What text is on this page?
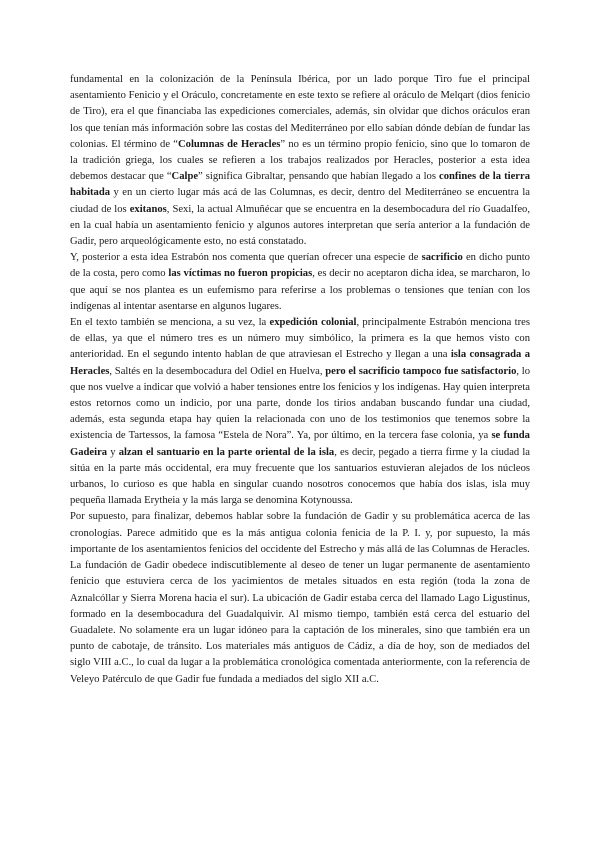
fundamental en la colonización de la Península Ibérica, por un lado porque Tiro fue el principal asentamiento Fenicio y el Oráculo, concretamente en este texto se refiere al oráculo de Melqart (dios fenicio de Tiro), era el que financiaba las expediciones comerciales, además, sin olvidar que dichos oráculos eran los que tenían más información sobre las costas del Mediterráneo por ello sabían dónde debían de fundar las colonias. El término de “Columnas de Heracles” no es un término propio fenicio, sino que lo tomaron de la tradición griega, los cuales se refieren a los trabajos realizados por Heracles, posterior a esta idea debemos destacar que “Calpe” significa Gibraltar, pensando que habían llegado a los confines de la tierra habitada y en un cierto lugar más acá de las Columnas, es decir, dentro del Mediterráneo se encuentra la ciudad de los exitanos, Sexi, la actual Almuñécar que se encuentra en la desembocadura del río Guadalfeo, en la cual había un asentamiento fenicio y algunos autores interpretan que sería anterior a la fundación de Gadir, pero arqueológicamente esto, no está constatado.

Y, posterior a esta idea Estrabón nos comenta que querían ofrecer una especie de sacrificio en dicho punto de la costa, pero como las víctimas no fueron propicias, es decir no aceptaron dicha idea, se marcharon, lo que aquí se nos plantea es un eufemismo para referirse a los problemas o tensiones que tenían con los indígenas al intentar asentarse en algunos lugares.

En el texto también se menciona, a su vez, la expedición colonial, principalmente Estrabón menciona tres de ellas, ya que el número tres es un número muy simbólico, la primera es la que hemos visto con anterioridad. En el segundo intento hablan de que atraviesan el Estrecho y llegan a una isla consagrada a Heracles, Saltés en la desembocadura del Odiel en Huelva, pero el sacrificio tampoco fue satisfactorio, lo que nos vuelve a indicar que volvió a haber tensiones entre los fenicios y los indígenas. Hay quien interpreta estos retornos como un indicio, por una parte, donde los tirios andaban buscando fundar una ciudad, además, esta segunda etapa hay quien la relacionada con uno de los testimonios que tenemos sobre la existencia de Tartessos, la famosa “Estela de Nora”. Ya, por último, en la tercera fase colonia, ya se funda Gadeira y alzan el santuario en la parte oriental de la isla, es decir, pegado a tierra firme y la ciudad la sitúa en la parte más occidental, era muy frecuente que los santuarios estuvieran alejados de los núcleos urbanos, lo curioso es que habla en singular cuando nosotros conocemos que había dos islas, isla muy pequeña llamada Erytheia y la más larga se denomina Kotynoussa.

Por supuesto, para finalizar, debemos hablar sobre la fundación de Gadir y su problemática acerca de las cronologías. Parece admitido que es la más antigua colonia fenicia de la P. I. y, por supuesto, la más importante de los asentamientos fenicios del occidente del Estrecho y más allá de las Columnas de Heracles.

La fundación de Gadir obedece indiscutiblemente al deseo de tener un lugar permanente de asentamiento fenicio que estuviera cerca de los yacimientos de metales situados en esta región (toda la zona de Aznalcóllar y Sierra Morena hacia el sur). La ubicación de Gadir estaba cerca del llamado Lago Ligustinus, formado en la desembocadura del Guadalquivir. Al mismo tiempo, también está cerca del estuario del Guadalete. No solamente era un lugar idóneo para la captación de los minerales, sino que también era un punto de cabotaje, de tránsito. Los materiales más antiguos de Cádiz, a día de hoy, son de mediados del siglo VIII a.C., lo cual da lugar a la problemática cronológica comentada anteriormente, con la referencia de Veleyo Patérculo de que Gadir fue fundada a mediados del siglo XII a.C.
